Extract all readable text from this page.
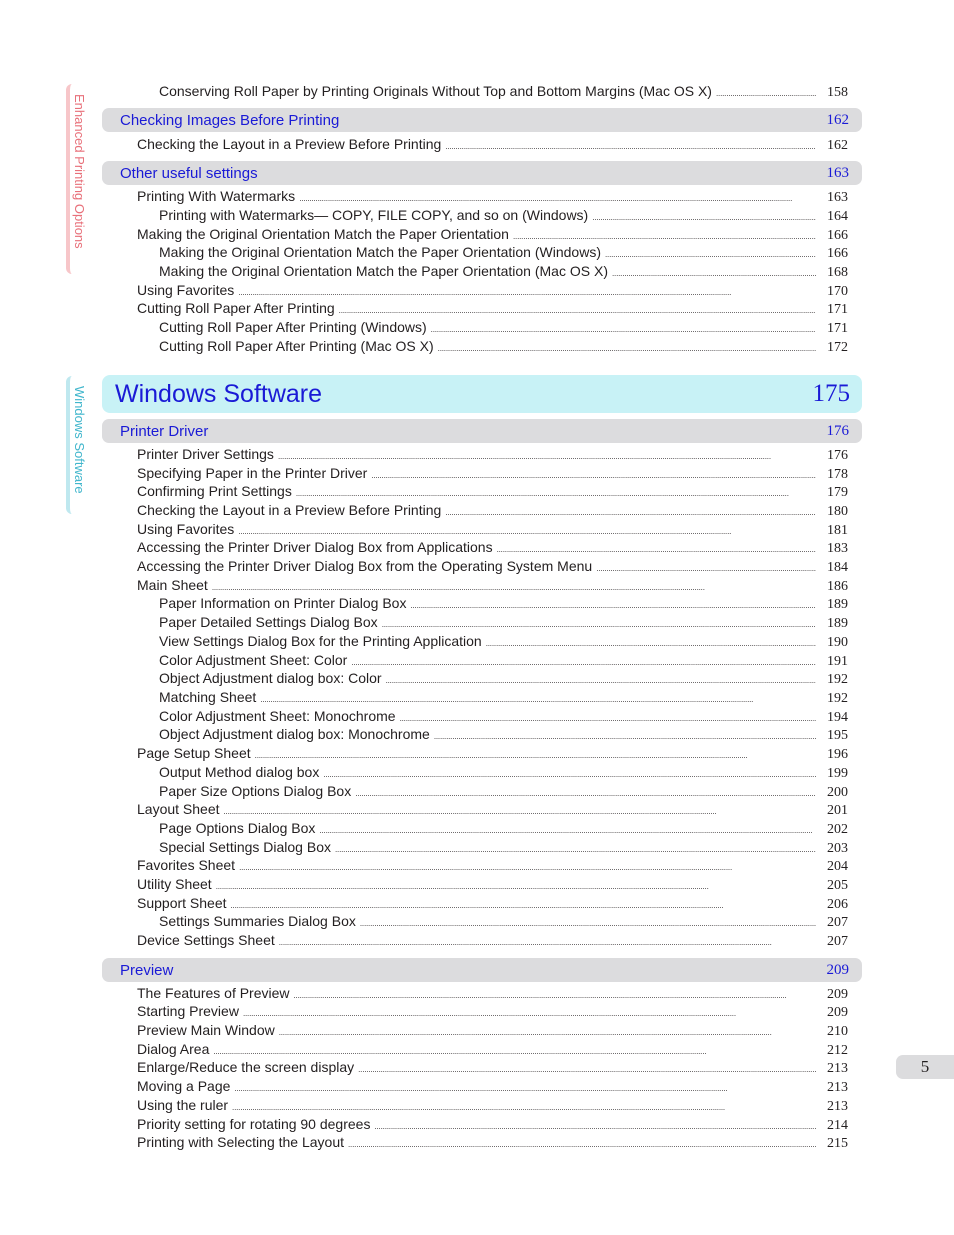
Enhanced Printing Options
Windows Software
Conserving Roll Paper by Printing Originals Without Top and Bottom Margins (Mac OS X) . . .	158
Checking Images Before Printing	162
Checking the Layout in a Preview Before Printing . . .	162
Other useful settings	163
Printing With Watermarks . . .	163
Printing with Watermarks— COPY, FILE COPY, and so on (Windows) . . .	164
Making the Original Orientation Match the Paper Orientation . . .	166
Making the Original Orientation Match the Paper Orientation (Windows) . . .	166
Making the Original Orientation Match the Paper Orientation (Mac OS X) . . .	168
Using Favorites . . .	170
Cutting Roll Paper After Printing . . .	171
Cutting Roll Paper After Printing (Windows) . . .	171
Cutting Roll Paper After Printing (Mac OS X) . . .	172
Windows Software	175
Printer Driver	176
Printer Driver Settings . . .	176
Specifying Paper in the Printer Driver . . .	178
Confirming Print Settings . . .	179
Checking the Layout in a Preview Before Printing . . .	180
Using Favorites . . .	181
Accessing the Printer Driver Dialog Box from Applications . . .	183
Accessing the Printer Driver Dialog Box from the Operating System Menu . . .	184
Main Sheet . . .	186
Paper Information on Printer Dialog Box . . .	189
Paper Detailed Settings Dialog Box . . .	189
View Settings Dialog Box for the Printing Application . . .	190
Color Adjustment Sheet: Color . . .	191
Object Adjustment dialog box: Color . . .	192
Matching Sheet . . .	192
Color Adjustment Sheet: Monochrome . . .	194
Object Adjustment dialog box: Monochrome . . .	195
Page Setup Sheet . . .	196
Output Method dialog box . . .	199
Paper Size Options Dialog Box . . .	200
Layout Sheet . . .	201
Page Options Dialog Box . . .	202
Special Settings Dialog Box . . .	203
Favorites Sheet . . .	204
Utility Sheet . . .	205
Support Sheet . . .	206
Settings Summaries Dialog Box . . .	207
Device Settings Sheet . . .	207
Preview	209
The Features of Preview . . .	209
Starting Preview . . .	209
Preview Main Window . . .	210
Dialog Area . . .	212
Enlarge/Reduce the screen display . . .	213
Moving a Page . . .	213
Using the ruler . . .	213
Priority setting for rotating 90 degrees . . .	214
Printing with Selecting the Layout . . .	215
5
